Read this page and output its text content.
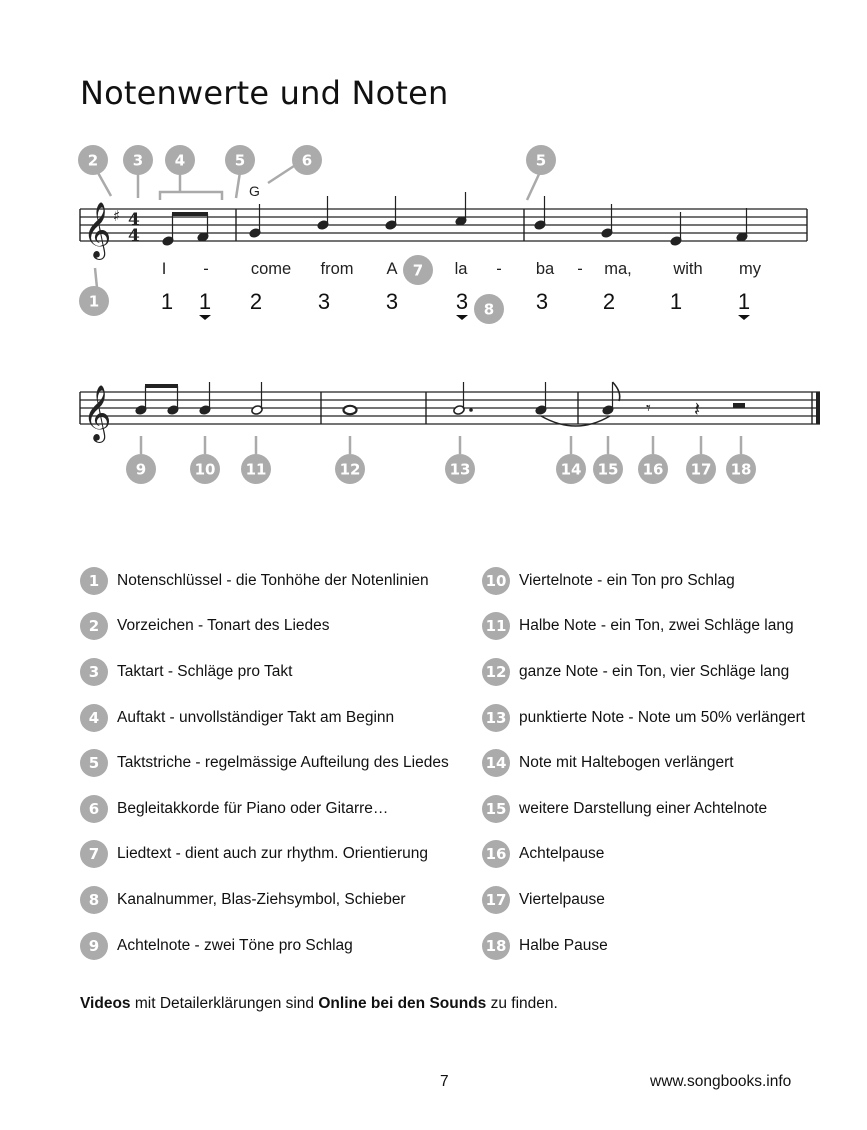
Notenwerte und Noten
𝄞 ♯ 4
4
G
I -	come from A	la - ba - ma,	with my
1 1 2	3	3	3	3 2 1	1
2 3 4	5	6	5
1
7
8
𝄞	𝄾 𝄽
9	10 11	12	13	14 15 16 17 18
1	Notenschlüssel - die Tonhöhe der Notenlinien
2	Vorzeichen - Tonart des Liedes
3	Taktart - Schläge pro Takt
4	Auftakt - unvollständiger Takt am Beginn
5	Taktstriche - regelmässige Aufteilung des Liedes
6	Begleitakkorde für Piano oder Gitarre…
7	Liedtext - dient auch zur rhythm. Orientierung
8	Kanalnummer, Blas-Ziehsymbol, Schieber
9	Achtelnote - zwei Töne pro Schlag
10 Viertelnote - ein Ton pro Schlag
11 Halbe Note - ein Ton, zwei Schläge lang
12 ganze Note - ein Ton, vier Schläge lang
13 punktierte Note - Note um 50% verlängert
14 Note mit Haltebogen verlängert
15 weitere Darstellung einer Achtelnote
16 Achtelpause
17 Viertelpause
18 Halbe Pause
Videos mit Detailerklärungen sind Online bei den Sounds zu finden.
7	www.songbooks.info
